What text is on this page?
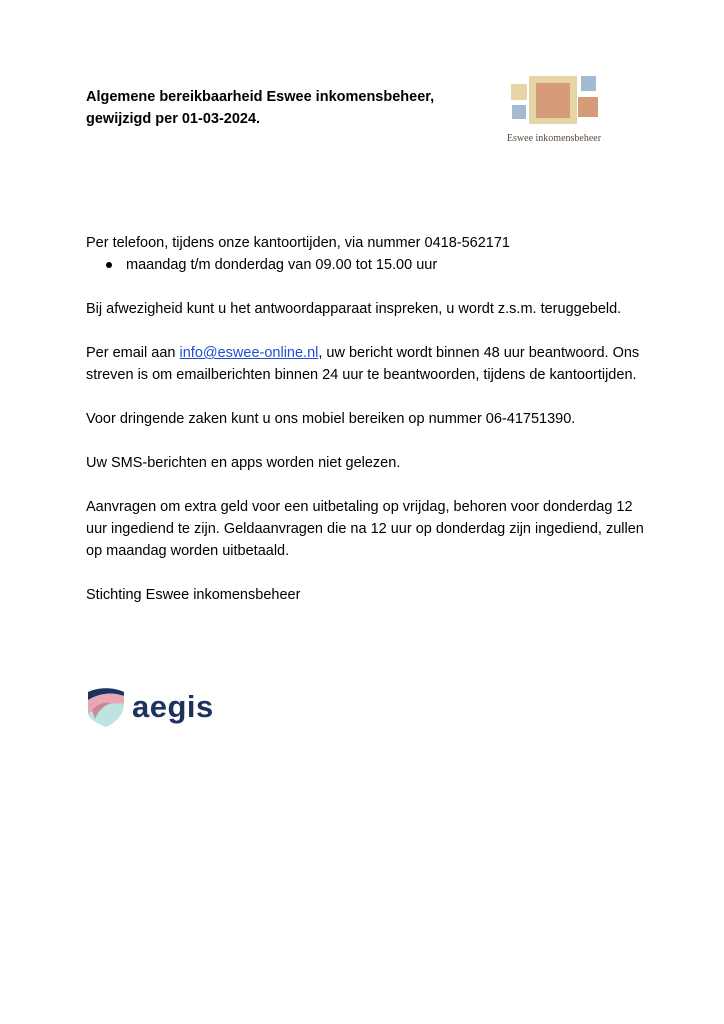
Algemene bereikbaarheid Eswee inkomensbeheer,
gewijzigd per 01-03-2024.
Eswee inkomensbeheer

Per telefoon, tijdens onze kantoortijden, via nummer 0418-562171

maandag t/m donderdag van 09.00 tot 15.00 uur

Bij afwezigheid kunt u het antwoordapparaat inspreken, u wordt z.s.m. teruggebeld.

Per email aan info@eswee-online.nl, uw bericht wordt binnen 48 uur beantwoord. Ons streven is om emailberichten binnen 24 uur te beantwoorden, tijdens de kantoortijden.

Voor dringende zaken kunt u ons mobiel bereiken op nummer 06-41751390.

Uw SMS-berichten en apps worden niet gelezen.

Aanvragen om extra geld voor een uitbetaling op vrijdag, behoren voor donderdag 12 uur ingediend te zijn. Geldaanvragen die na 12 uur op donderdag zijn ingediend, zullen op maandag worden uitbetaald.

Stichting Eswee inkomensbeheer

aegis
